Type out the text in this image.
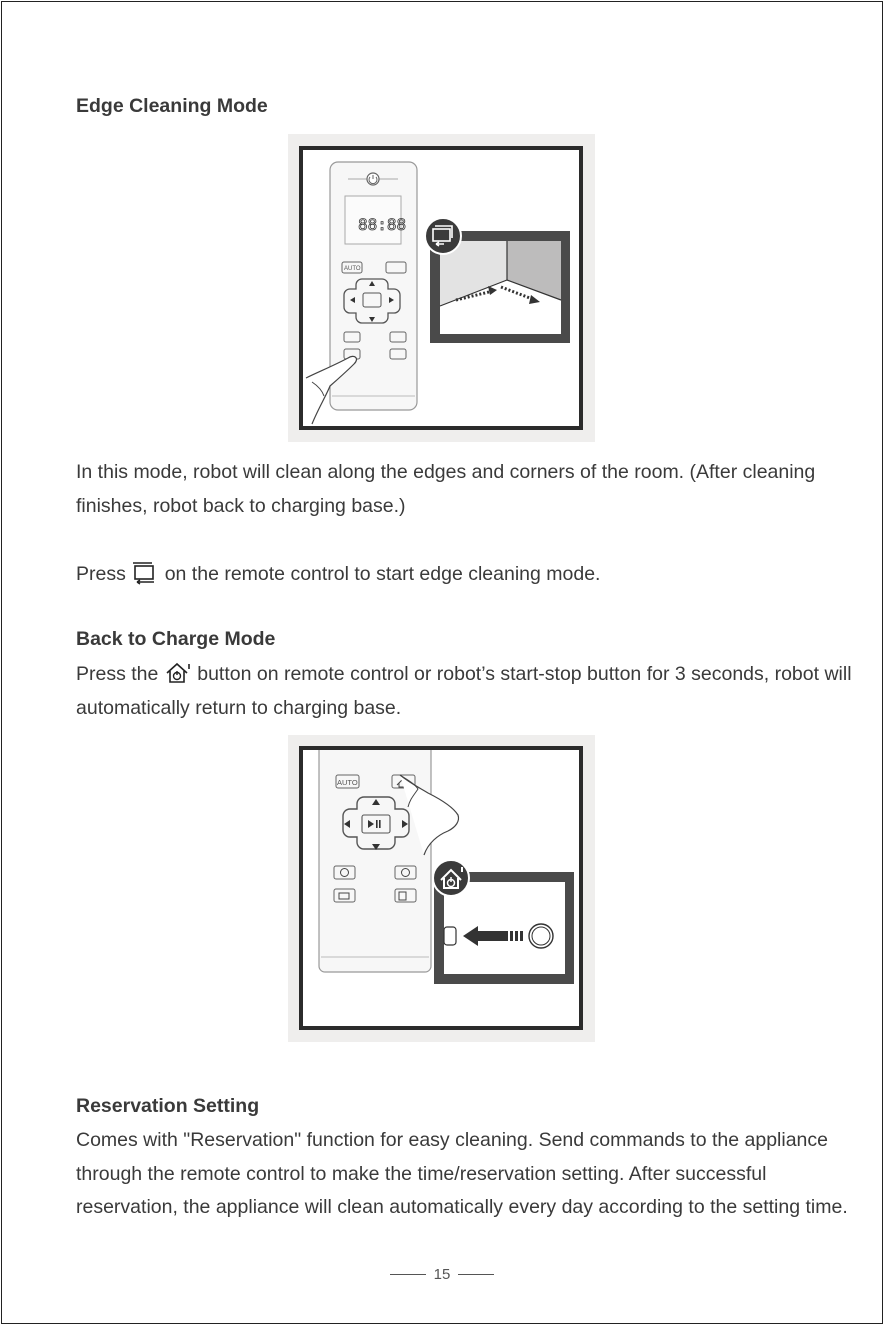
Edge Cleaning Mode
88:88
AUTO
In this mode, robot will clean along the edges and corners of the room. (After cleaning finishes, robot back to charging base.)
Press on the remote control to start edge cleaning mode.
Back to Charge Mode
Press the button on remote control or robot’s start-stop button for 3 seconds, robot will automatically return to charging base.
AUTO
Reservation Setting
Comes with "Reservation" function for easy cleaning. Send commands to the appliance through the remote control to make the time/reservation setting. After successful reservation, the appliance will clean automatically every day according to the setting time.
15
